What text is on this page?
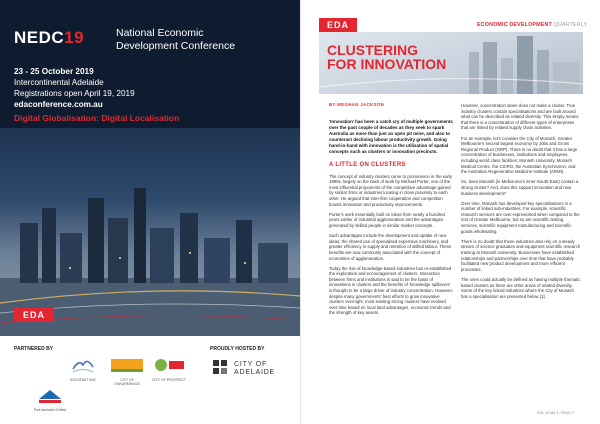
NEDC19	National Economic
Development Conference
23 - 25 October 2019
Intercontinental Adelaide
Registrations open April 19, 2019
edaconference.com.au
Digital Globalisation: Digital Localisation
EDA
PARTNERED BY	PROUDLY HOSTED BY
HOLDFAST BAY	CITY OF ONKAPARINGA
CITY OF PROSPECT
Port Adelaide Enfield
CITY OF
ADELAIDE
EDA	ECONOMIC DEVELOPMENT QUARTERLY
CLUSTERING
FOR INNOVATION
BY MEGHAN JACKSON

'Innovation' has been a catch cry of multiple governments over the past couple of decades as they seek to spark Australia as more than just an open pit mine, and also to counteract declining labour productivity growth. Going hand-in-hand with innovation is the utilisation of spatial concepts such as clusters or innovation precincts.

A LITTLE ON CLUSTERS

The concept of industry clusters came to prominence in the early 1990s, largely on the back of work by Michael Porter, one of the most influential proponents of the competitive advantage gained by similar firms or industries locating in close proximity to each other. He argued that inter-firm cooperation and competition boosts innovation and productivity improvements.

Porter's work essentially built on ideas from nearly a hundred years earlier of industrial agglomeration and the advantages generated by skilled people in similar market concepts.

Such advantages include the development and uptake of new ideas, the shared use of specialised expensive machinery, and greater efficiency in supply and retention of skilled labour. These benefits are now commonly associated with the concept of economies of agglomeration.

Today the rise of knowledge-based industries has re-established the exploration and encouragement of clusters. Interaction between firms and institutions is said to be the basis of innovations in clusters and the benefits of 'knowledge spillovers' is thought to be a large driver of industry concentration. However, despite many governments' best efforts to grow innovative clusters overnight, most existing strong clusters have evolved over time based on local land advantages, economic trends and the strength of key assets.

However, concentration alone does not make a cluster. True industry clusters contain specialisations and are built around what can be described as related diversity. This simply means that there is a concentration of different types of enterprises that are linked by related supply chain activities.

For an example, let's consider the City of Monash, Greater Melbourne's second largest economy by Jobs and Gross Regional Product (GRP). There is no doubt that it has a large concentration of businesses, institutions and employees, including world class facilities; Monash University, Monash Medical Centre, the CSIRO, the Australian Synchrotron, and the Australian Regenerative Medicine Institute (ARMI).

So, does Monash (in Melbourne's inner-South-East) contain a strong cluster? And, does this support innovation and new business development?

Over time, Monash has developed key specialisations in a number of linked sub-industries. For example, scientific research services are over-represented when compared to the rest of Greater Melbourne, but so are scientific testing services, scientific equipment manufacturing and scientific goods wholesaling.

There is no doubt that these industries also rely on a steady stream of science graduates and equipment scientific research training at Monash University. Businesses have established relationships and partnerships over time that have probably facilitated new product development and more efficient processes.

The ones could actually be defined as having multiple thematic based clusters as there are other areas of related diversity. Some of the key linked industries where the City of Monash has a specialisation are presented below [1].

VOL 12 NO 1 / 2019 / 7
